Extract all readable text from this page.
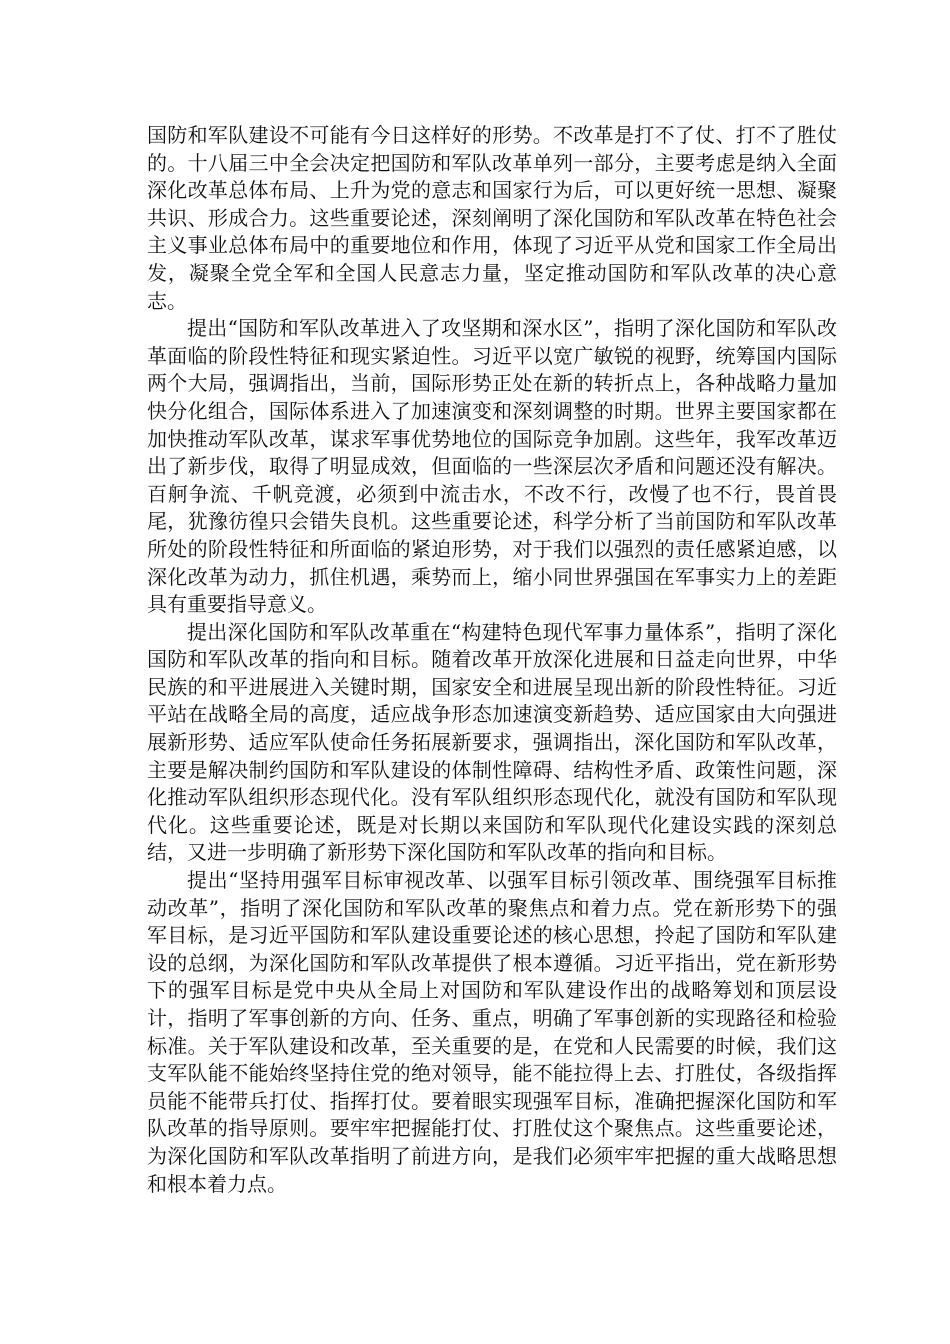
国防和军队建设不可能有今日这样好的形势。不改革是打不了仗、打不了胜仗的。十八届三中全会决定把国防和军队改革单列一部分，主要考虑是纳入全面深化改革总体布局、上升为党的意志和国家行为后，可以更好统一思想、凝聚共识、形成合力。这些重要论述，深刻阐明了深化国防和军队改革在特色社会主义事业总体布局中的重要地位和作用，体现了习近平从党和国家工作全局出发，凝聚全党全军和全国人民意志力量，坚定推动国防和军队改革的决心意志。

提出“国防和军队改革进入了攻坚期和深水区”，指明了深化国防和军队改革面临的阶段性特征和现实紧迫性。习近平以宽广敏锐的视野，统筹国内国际两个大局，强调指出，当前，国际形势正处在新的转折点上，各种战略力量加快分化组合，国际体系进入了加速演变和深刻调整的时期。世界主要国家都在加快推动军队改革，谋求军事优势地位的国际竞争加剧。这些年，我军改革迈出了新步伐，取得了明显成效，但面临的一些深层次矛盾和问题还没有解决。百舸争流、千帆竞渡，必须到中流击水，不改不行，改慢了也不行，畏首畏尾，犹豫彷徨只会错失良机。这些重要论述，科学分析了当前国防和军队改革所处的阶段性特征和所面临的紧迫形势，对于我们以强烈的责任感紧迫感，以深化改革为动力，抓住机遇，乘势而上，缩小同世界强国在军事实力上的差距具有重要指导意义。

提出深化国防和军队改革重在“构建特色现代军事力量体系”，指明了深化国防和军队改革的指向和目标。随着改革开放深化进展和日益走向世界，中华民族的和平进展进入关键时期，国家安全和进展呈现出新的阶段性特征。习近平站在战略全局的高度，适应战争形态加速演变新趋势、适应国家由大向强进展新形势、适应军队使命任务拓展新要求，强调指出，深化国防和军队改革，主要是解决制约国防和军队建设的体制性障碍、结构性矛盾、政策性问题，深化推动军队组织形态现代化。没有军队组织形态现代化，就没有国防和军队现代化。这些重要论述，既是对长期以来国防和军队现代化建设实践的深刻总结，又进一步明确了新形势下深化国防和军队改革的指向和目标。

提出“坚持用强军目标审视改革、以强军目标引领改革、围绕强军目标推动改革”，指明了深化国防和军队改革的聚焦点和着力点。党在新形势下的强军目标，是习近平国防和军队建设重要论述的核心思想，拎起了国防和军队建设的总纲，为深化国防和军队改革提供了根本遵循。习近平指出，党在新形势下的强军目标是党中央从全局上对国防和军队建设作出的战略筹划和顶层设计，指明了军事创新的方向、任务、重点，明确了军事创新的实现路径和检验标准。关于军队建设和改革，至关重要的是，在党和人民需要的时候，我们这支军队能不能始终坚持住党的绝对领导，能不能拉得上去、打胜仗，各级指挥员能不能带兵打仗、指挥打仗。要着眼实现强军目标，准确把握深化国防和军队改革的指导原则。要牢牢把握能打仗、打胜仗这个聚焦点。这些重要论述，为深化国防和军队改革指明了前进方向，是我们必须牢牢把握的重大战略思想和根本着力点。
